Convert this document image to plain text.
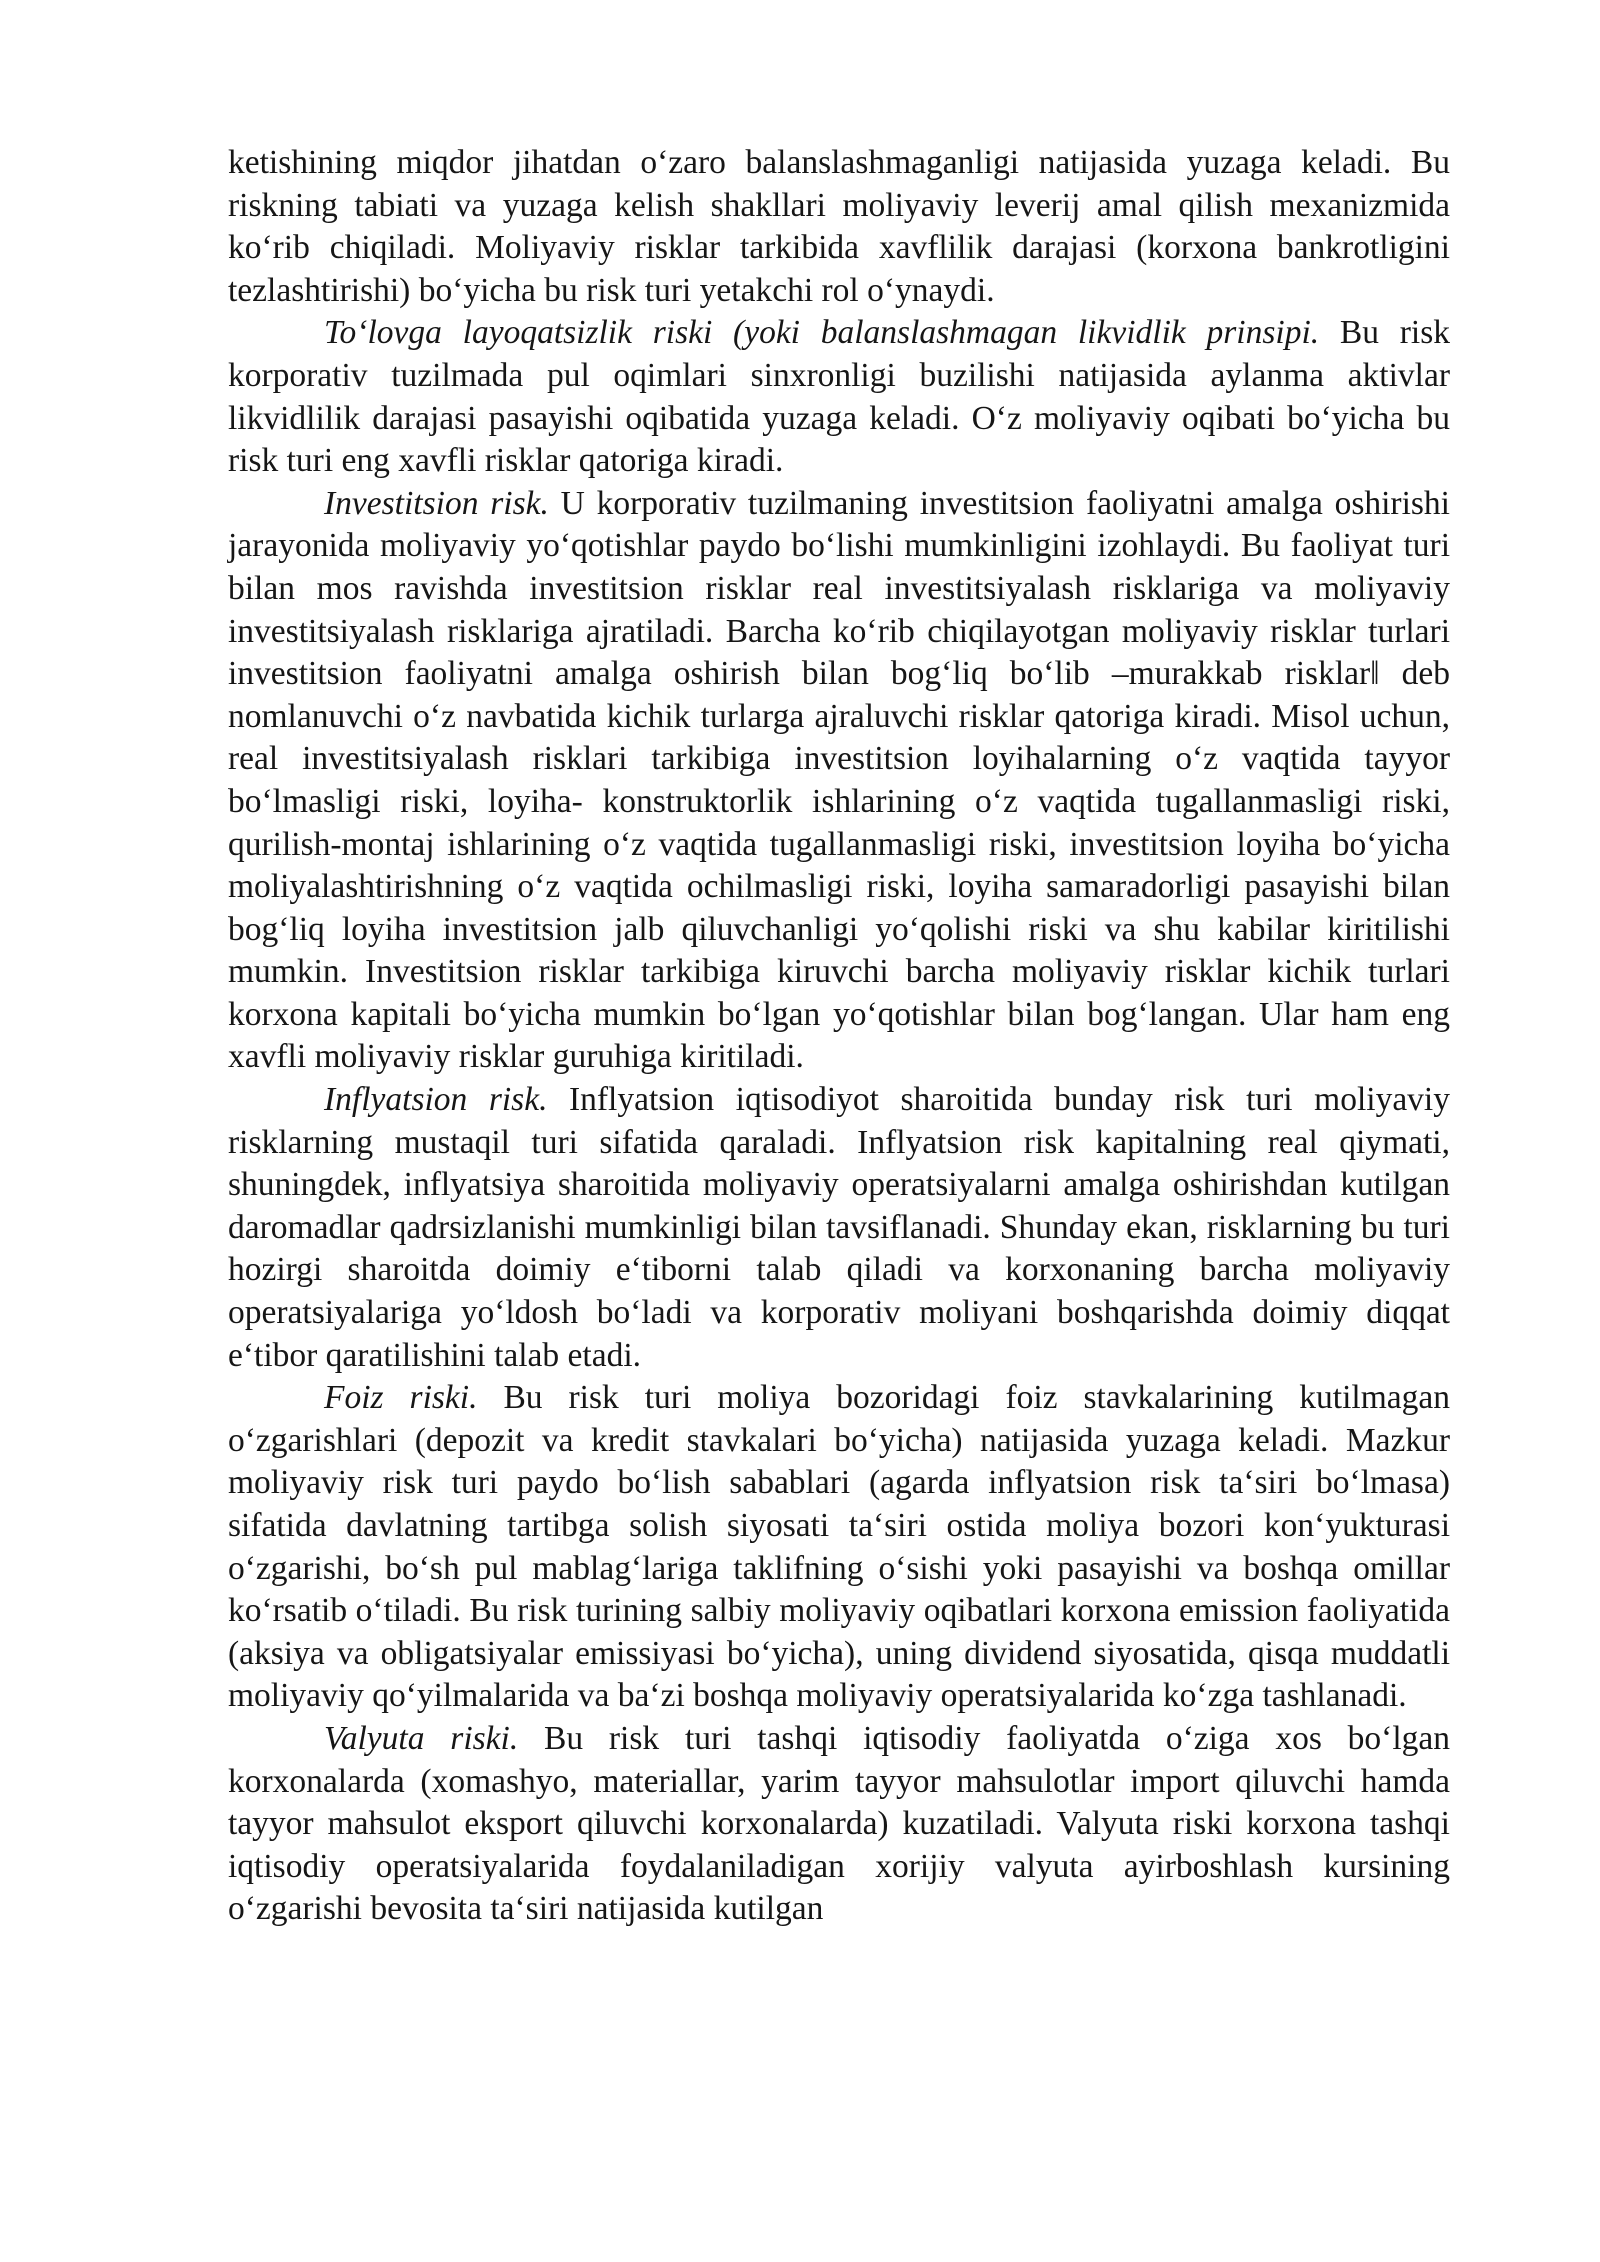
ketishining miqdor jihatdan o‘zaro balanslashmaganligi natijasida yuzaga keladi. Bu riskning tabiati va yuzaga kelish shakllari moliyaviy leverij amal qilish mexanizmida ko‘rib chiqiladi. Moliyaviy risklar tarkibida xavflilik darajasi (korxona bankrotligini tezlashtirishi) bo‘yicha bu risk turi yetakchi rol o‘ynaydi.

To‘lovga layoqatsizlik riski (yoki balanslashmagan likvidlik prinsipi. Bu risk korporativ tuzilmada pul oqimlari sinxronligi buzilishi natijasida aylanma aktivlar likvidlilik darajasi pasayishi oqibatida yuzaga keladi. O‘z moliyaviy oqibati bo‘yicha bu risk turi eng xavfli risklar qatoriga kiradi.

Investitsion risk. U korporativ tuzilmaning investitsion faoliyatni amalga oshirishi jarayonida moliyaviy yo‘qotishlar paydo bo‘lishi mumkinligini izohlaydi. Bu faoliyat turi bilan mos ravishda investitsion risklar real investitsiyalash risklariga va moliyaviy investitsiyalash risklariga ajratiladi. Barcha ko‘rib chiqilayotgan moliyaviy risklar turlari investitsion faoliyatni amalga oshirish bilan bog‘liq bo‘lib –murakkab risklar‖ deb nomlanuvchi o‘z navbatida kichik turlarga ajraluvchi risklar qatoriga kiradi. Misol uchun, real investitsiyalash risklari tarkibiga investitsion loyihalarning o‘z vaqtida tayyor bo‘lmasligi riski, loyiha- konstruktorlik ishlarining o‘z vaqtida tugallanmasligi riski, qurilish-montaj ishlarining o‘z vaqtida tugallanmasligi riski, investitsion loyiha bo‘yicha moliyalashtirishning o‘z vaqtida ochilmasligi riski, loyiha samaradorligi pasayishi bilan bog‘liq loyiha investitsion jalb qiluvchanligi yo‘qolishi riski va shu kabilar kiritilishi mumkin. Investitsion risklar tarkibiga kiruvchi barcha moliyaviy risklar kichik turlari korxona kapitali bo‘yicha mumkin bo‘lgan yo‘qotishlar bilan bog‘langan. Ular ham eng xavfli moliyaviy risklar guruhiga kiritiladi.

Inflyatsion risk. Inflyatsion iqtisodiyot sharoitida bunday risk turi moliyaviy risklarning mustaqil turi sifatida qaraladi. Inflyatsion risk kapitalning real qiymati, shuningdek, inflyatsiya sharoitida moliyaviy operatsiyalarni amalga oshirishdan kutilgan daromadlar qadrsizlanishi mumkinligi bilan tavsiflanadi. Shunday ekan, risklarning bu turi hozirgi sharoitda doimiy e‘tiborni talab qiladi va korxonaning barcha moliyaviy operatsiyalariga yo‘ldosh bo‘ladi va korporativ moliyani boshqarishda doimiy diqqat e‘tibor qaratilishini talab etadi.

Foiz riski. Bu risk turi moliya bozoridagi foiz stavkalarining kutilmagan o‘zgarishlari (depozit va kredit stavkalari bo‘yicha) natijasida yuzaga keladi. Mazkur moliyaviy risk turi paydo bo‘lish sabablari (agarda inflyatsion risk ta‘siri bo‘lmasa) sifatida davlatning tartibga solish siyosati ta‘siri ostida moliya bozori kon‘yukturasi o‘zgarishi, bo‘sh pul mablag‘lariga taklifning o‘sishi yoki pasayishi va boshqa omillar ko‘rsatib o‘tiladi. Bu risk turining salbiy moliyaviy oqibatlari korxona emission faoliyatida (aksiya va obligatsiyalar emissiyasi bo‘yicha), uning dividend siyosatida, qisqa muddatli moliyaviy qo‘yilmalarida va ba‘zi boshqa moliyaviy operatsiyalarida ko‘zga tashlanadi.

Valyuta riski. Bu risk turi tashqi iqtisodiy faoliyatda o‘ziga xos bo‘lgan korxonalarda (xomashyo, materiallar, yarim tayyor mahsulotlar import qiluvchi hamda tayyor mahsulot eksport qiluvchi korxonalarda) kuzatiladi. Valyuta riski korxona tashqi iqtisodiy operatsiyalarida foydalaniladigan xorijiy valyuta ayirboshlash kursining o‘zgarishi bevosita ta‘siri natijasida kutilgan
